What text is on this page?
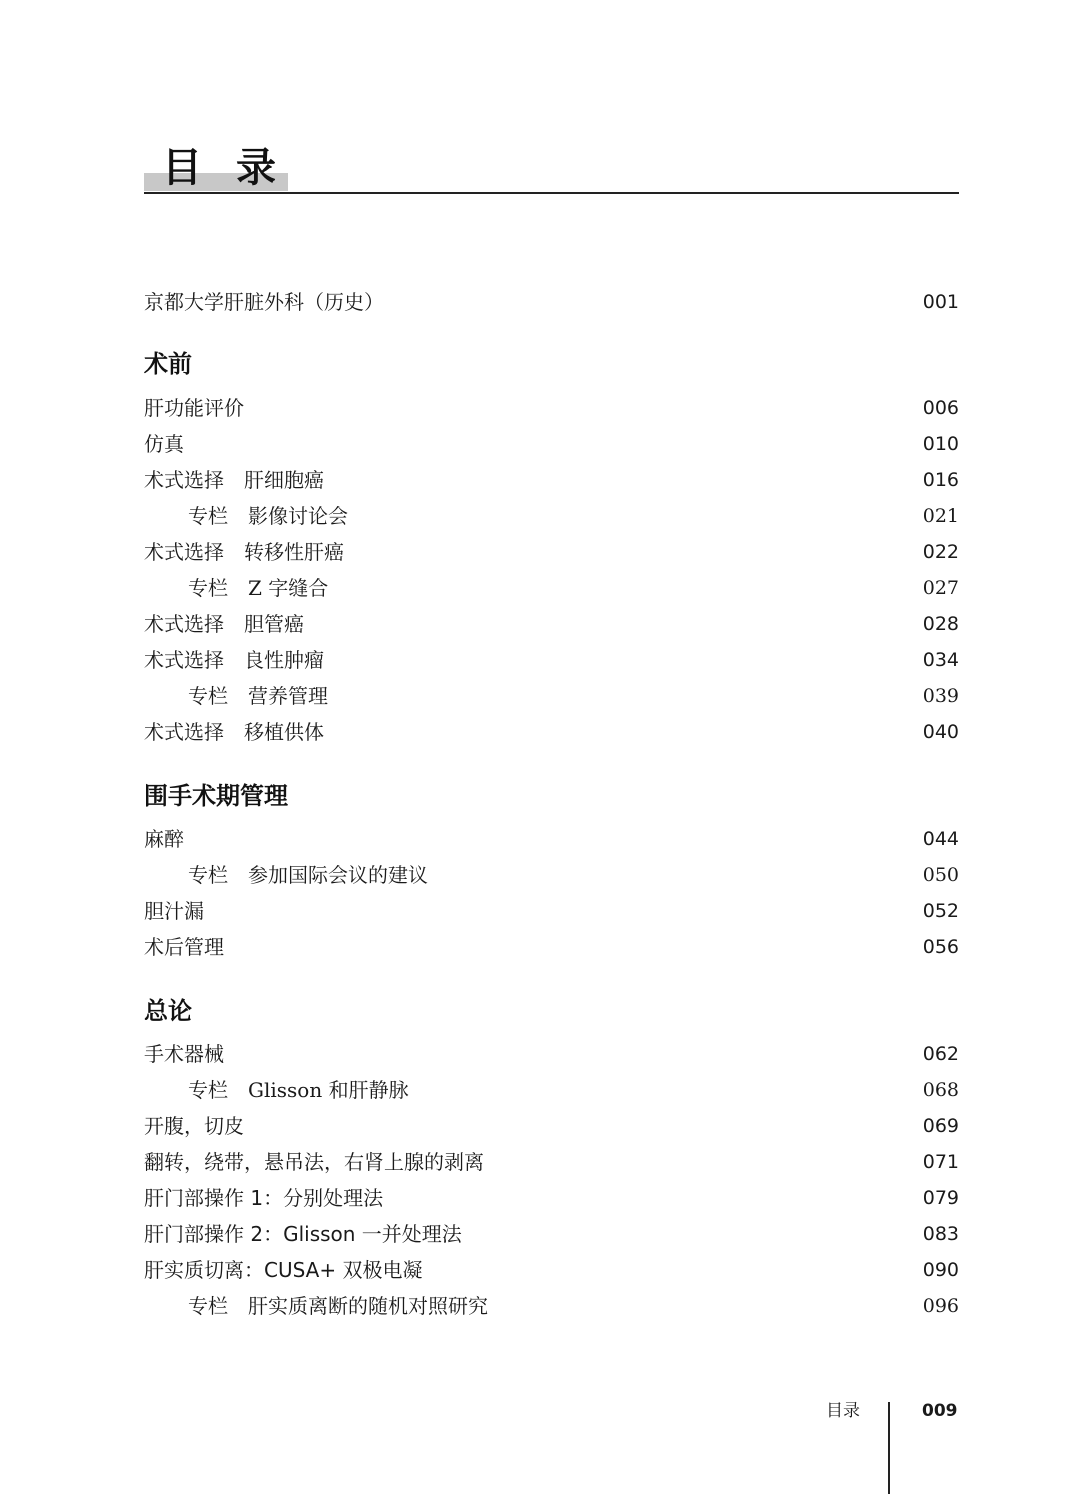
目录
京都大学肝脏外科（历史）	001
术前
肝功能评价	006
仿真	010
术式选择　肝细胞癌	016
专栏　影像讨论会	021
术式选择　转移性肝癌	022
专栏　Z 字缝合	027
术式选择　胆管癌	028
术式选择　良性肿瘤	034
专栏　营养管理	039
术式选择　移植供体	040
围手术期管理
麻醉	044
专栏　参加国际会议的建议	050
胆汁漏	052
术后管理	056
总论
手术器械	062
专栏　Glisson 和肝静脉	068
开腹，切皮	069
翻转，绕带，悬吊法，右肾上腺的剥离	071
肝门部操作 1：分别处理法	079
肝门部操作 2：Glisson 一并处理法	083
肝实质切离：CUSA+ 双极电凝	090
专栏　肝实质离断的随机对照研究	096
目录	009
